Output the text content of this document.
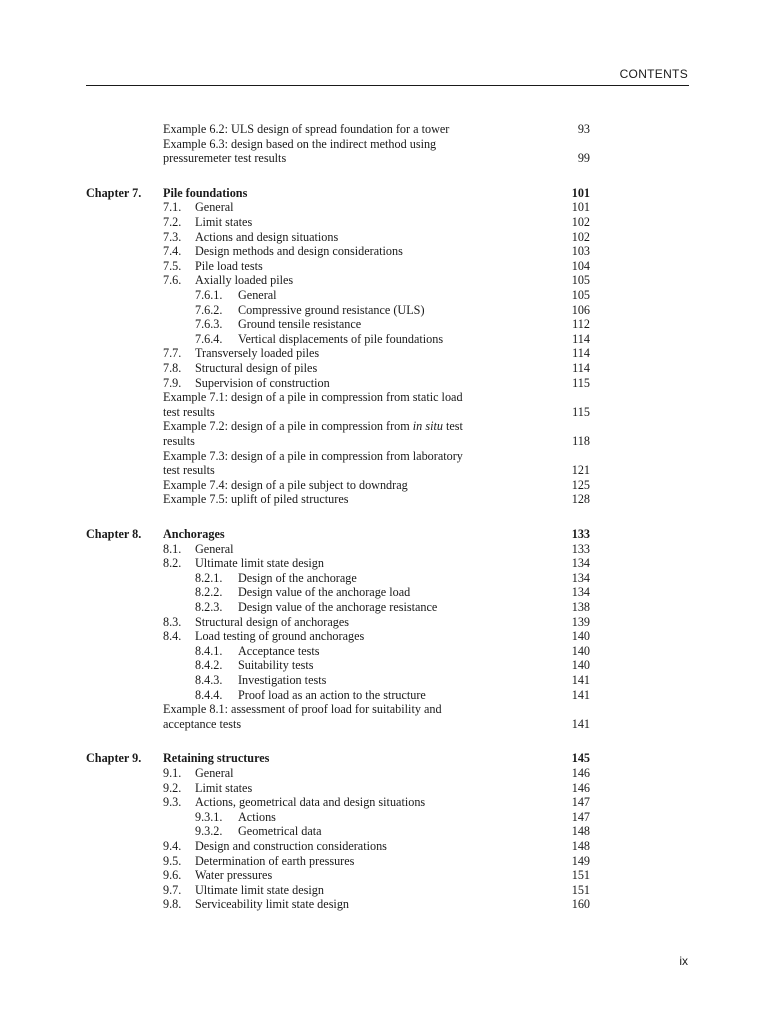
CONTENTS
Example 6.2: ULS design of spread foundation for a tower	93
Example 6.3: design based on the indirect method using
pressuremeter test results	99
Chapter 7. Pile foundations	101
7.1. General	101
7.2. Limit states	102
7.3. Actions and design situations	102
7.4. Design methods and design considerations	103
7.5. Pile load tests	104
7.6. Axially loaded piles	105
7.6.1. General	105
7.6.2. Compressive ground resistance (ULS)	106
7.6.3. Ground tensile resistance	112
7.6.4. Vertical displacements of pile foundations	114
7.7. Transversely loaded piles	114
7.8. Structural design of piles	114
7.9. Supervision of construction	115
Example 7.1: design of a pile in compression from static load
test results	115
Example 7.2: design of a pile in compression from in situ test
results	118
Example 7.3: design of a pile in compression from laboratory
test results	121
Example 7.4: design of a pile subject to downdrag	125
Example 7.5: uplift of piled structures	128
Chapter 8. Anchorages	133
8.1. General	133
8.2. Ultimate limit state design	134
8.2.1. Design of the anchorage	134
8.2.2. Design value of the anchorage load	134
8.2.3. Design value of the anchorage resistance	138
8.3. Structural design of anchorages	139
8.4. Load testing of ground anchorages	140
8.4.1. Acceptance tests	140
8.4.2. Suitability tests	140
8.4.3. Investigation tests	141
8.4.4. Proof load as an action to the structure	141
Example 8.1: assessment of proof load for suitability and
acceptance tests	141
Chapter 9. Retaining structures	145
9.1. General	146
9.2. Limit states	146
9.3. Actions, geometrical data and design situations	147
9.3.1. Actions	147
9.3.2. Geometrical data	148
9.4. Design and construction considerations	148
9.5. Determination of earth pressures	149
9.6. Water pressures	151
9.7. Ultimate limit state design	151
9.8. Serviceability limit state design	160
ix
